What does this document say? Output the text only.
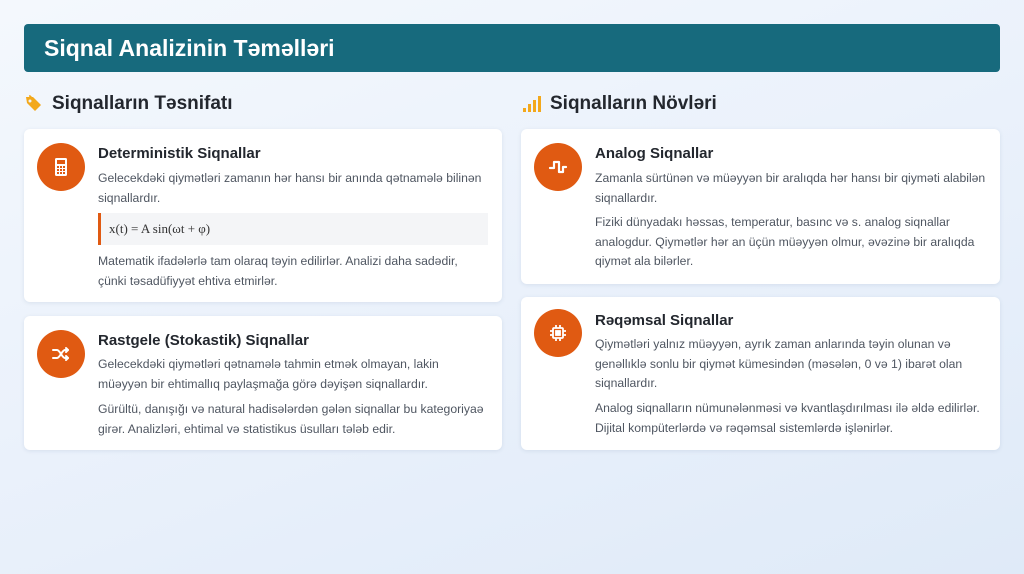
Siqnal Analizinin Təməlləri
Siqnalların Təsnifatı	Siqnalların Növləri
Deterministik Siqnallar
Gelecekdəki qiymətləri zamanın hər hansı bir anında qətnamələ bilinən siqnallardır.
x(t) = A sin(ωt + φ)
Matematik ifadələrlə tam olaraq təyin edilirlər. Analizi daha sadədir, çünki təsadüfiyyət ehtiva etmirlər.
Rastgele (Stokastik) Siqnallar
Gelecekdəki qiymətləri qətnamələ tahmin etmək olmayan, lakin müəyyən bir ehtimallıq paylaşmağa görə dəyişən siqnallardır.
Gürültü, danışığı və natural hadisələrdən gələn siqnallar bu kategoriyaə girər. Analizləri, ehtimal və statistikus üsulları tələb edir.
Analog Siqnallar
Zamanla sürtünən və müəyyən bir aralıqda hər hansı bir qiyməti alabilən siqnallardır.
Fiziki dünyadakı həssas, temperatur, basınc və s. analog siqnallar analogdur. Qiymətlər hər an üçün müəyyən olmur, əvəzinə bir aralıqda qiymət ala bilərler.
Rəqəmsal Siqnallar
Qiymətləri yalnız müəyyən, ayrık zaman anlarında təyin olunan və genəllıklə sonlu bir qiymət kümesindən (məsələn, 0 və 1) ibarət olan siqnallardır.
Analog siqnalların nümunələnməsi və kvantlaşdırılması ilə əldə edilirlər. Dijital kompüterlərdə və rəqəmsal sistemlərdə işlənirlər.
